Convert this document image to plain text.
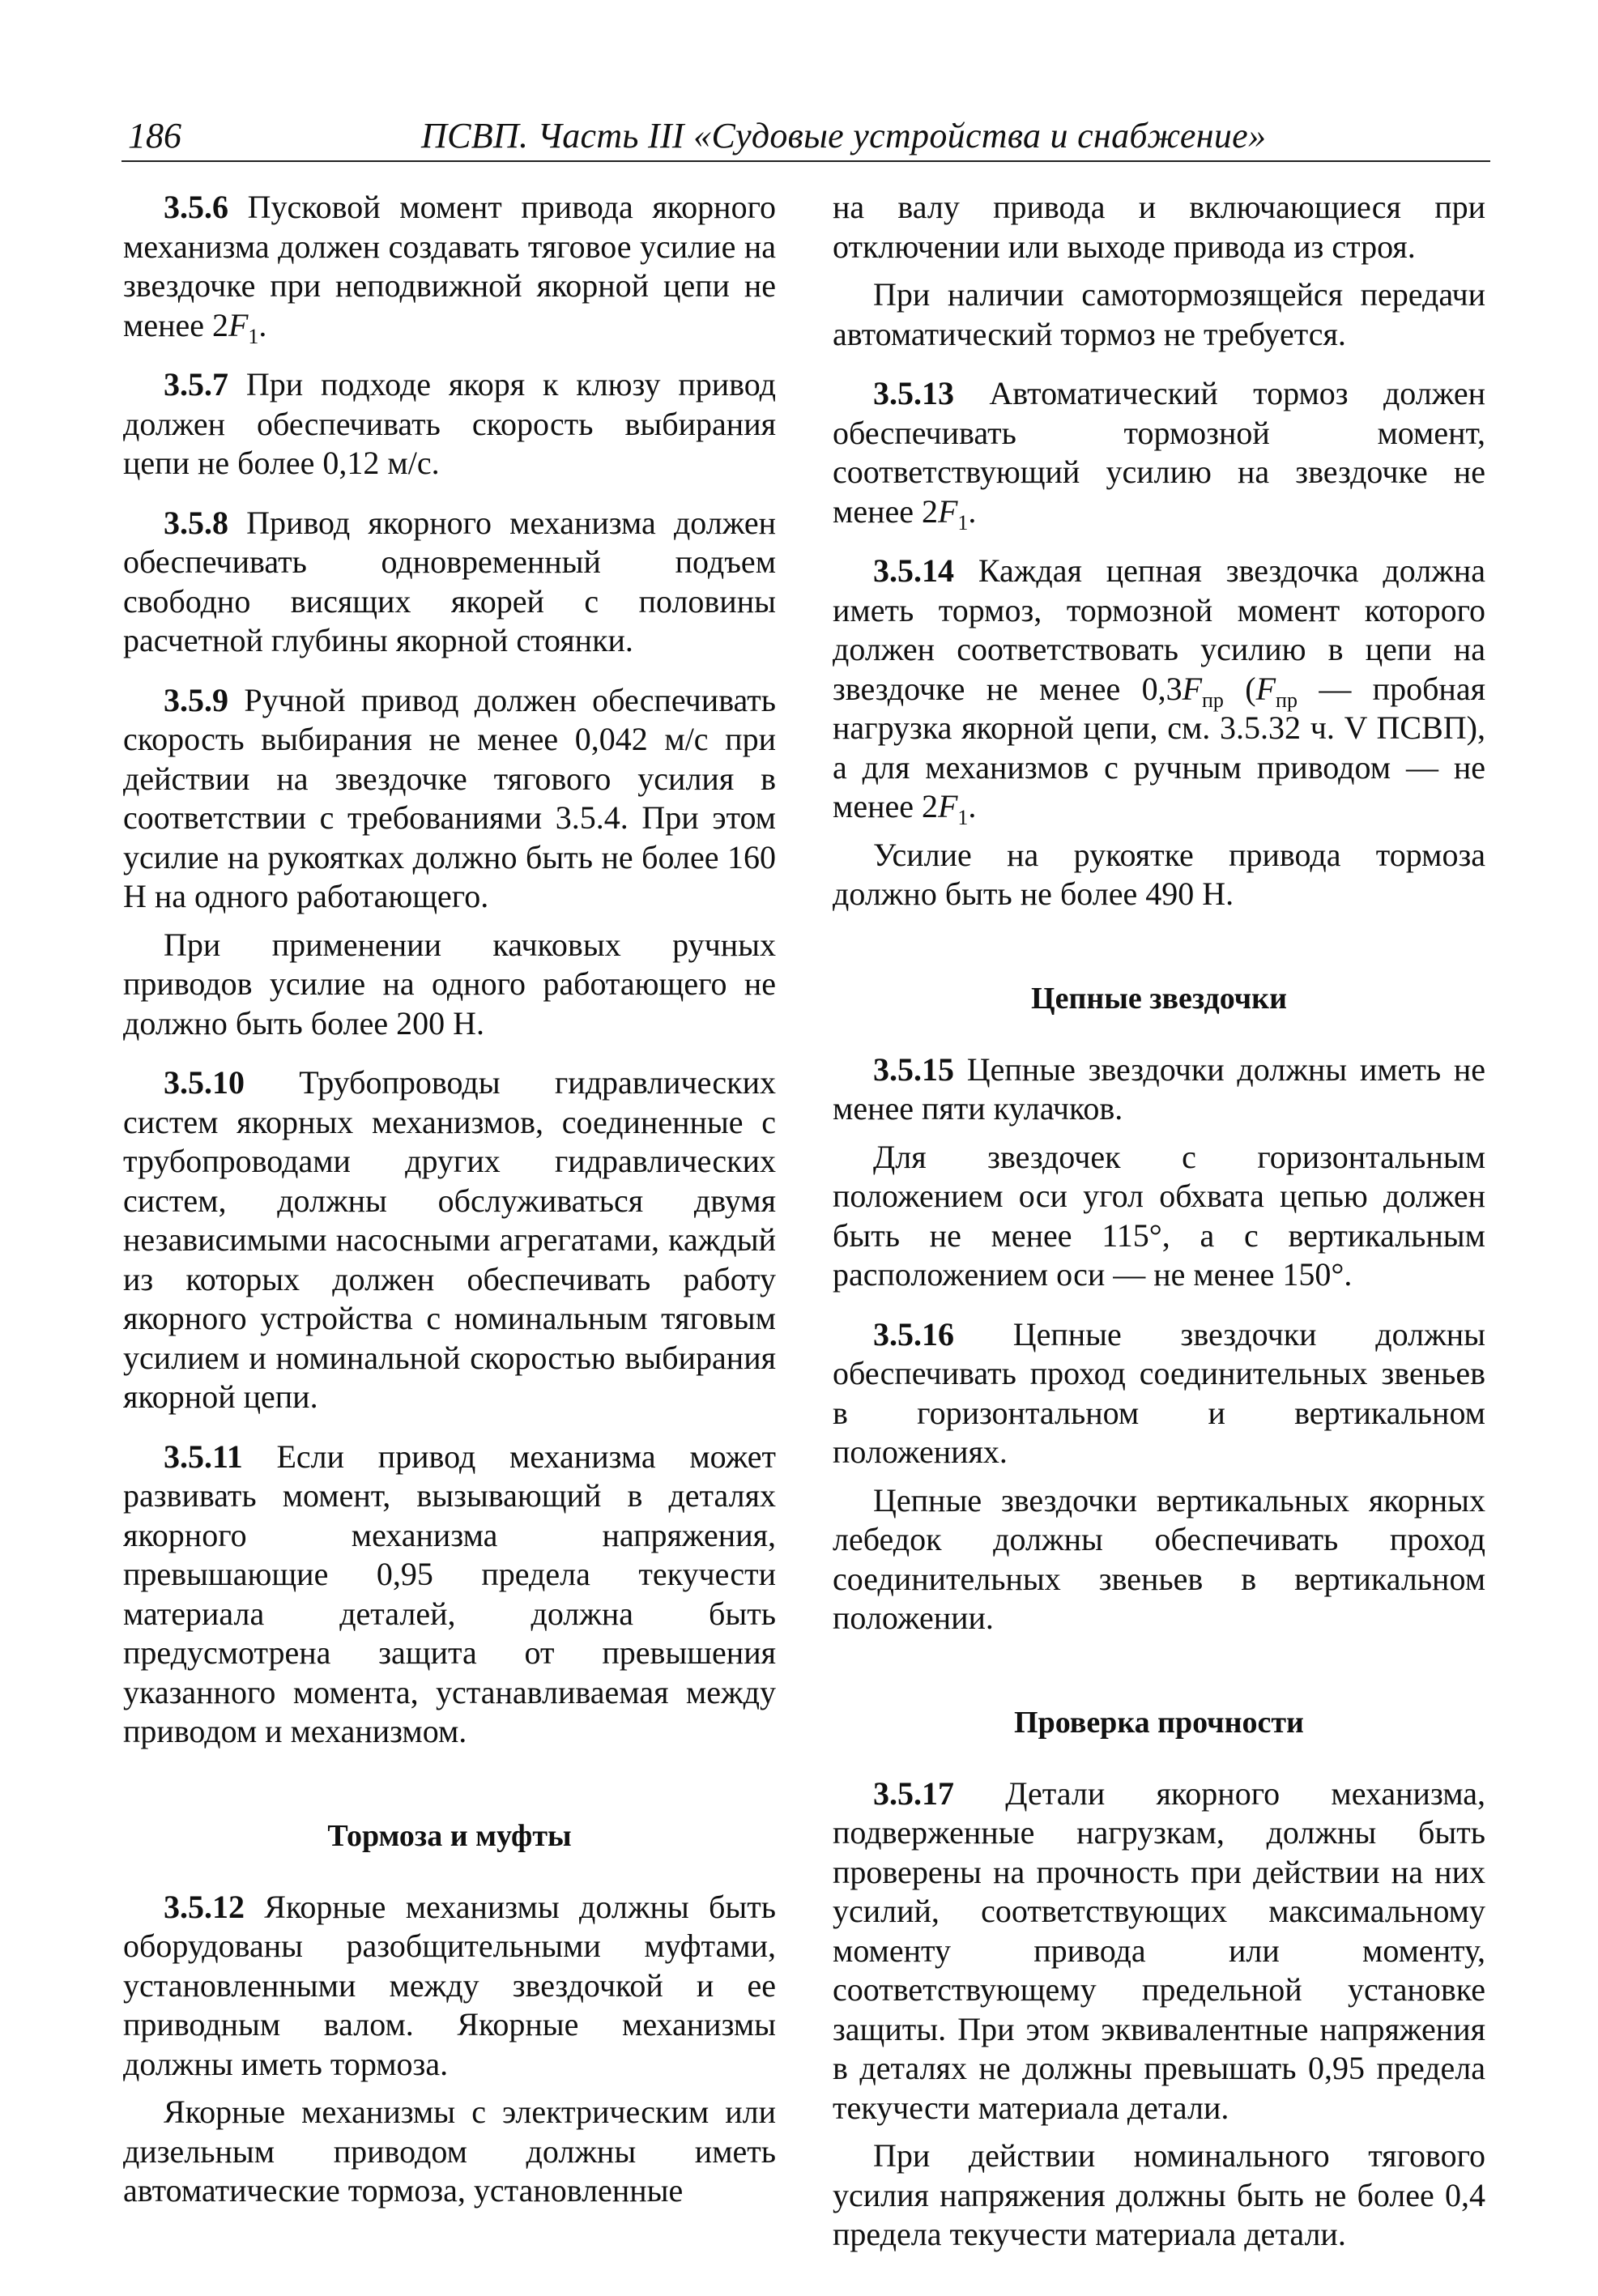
186	ПСВП. Часть III «Судовые устройства и снабжение»

3.5.6 Пусковой момент привода якорного механизма должен создавать тяговое усилие на звездочке при неподвижной якорной цепи не менее $2F_1$.

3.5.7 При подходе якоря к клюзу привод должен обеспечивать скорость выбирания цепи не более 0,12 м/с.

3.5.8 Привод якорного механизма должен обеспечивать одновременный подъем свободно висящих якорей с половины расчетной глубины якорной стоянки.

3.5.9 Ручной привод должен обеспечивать скорость выбирания не менее 0,042 м/с при действии на звездочке тягового усилия в соответствии с требованиями 3.5.4. При этом усилие на рукоятках должно быть не более 160 Н на одного работающего.

При применении качковых ручных приводов усилие на одного работающего не должно быть более 200 Н.

3.5.10 Трубопроводы гидравлических систем якорных механизмов, соединенные с трубопроводами других гидравлических систем, должны обслуживаться двумя независимыми насосными агрегатами, каждый из которых должен обеспечивать работу якорного устройства с номинальным тяговым усилием и номинальной скоростью выбирания якорной цепи.

3.5.11 Если привод механизма может развивать момент, вызывающий в деталях якорного механизма напряжения, превышающие 0,95 предела текучести материала деталей, должна быть предусмотрена защита от превышения указанного момента, устанавливаемая между приводом и механизмом.

Тормоза и муфты

3.5.12 Якорные механизмы должны быть оборудованы разобщительными муфтами, установленными между звездочкой и ее приводным валом. Якорные механизмы должны иметь тормоза.

Якорные механизмы с электрическим или дизельным приводом должны иметь автоматические тормоза, установленные

на валу привода и включающиеся при отключении или выходе привода из строя.

При наличии самотормозящейся передачи автоматический тормоз не требуется.

3.5.13 Автоматический тормоз должен обеспечивать тормозной момент, соответствующий усилию на звездочке не менее $2F_1$.

3.5.14 Каждая цепная звездочка должна иметь тормоз, тормозной момент которого должен соответствовать усилию в цепи на звездочке не менее $0,3F_{пр}$ ($F_{пр}$ — пробная нагрузка якорной цепи, см. 3.5.32 ч. V ПСВП), а для механизмов с ручным приводом — не менее $2F_1$.

Усилие на рукоятке привода тормоза должно быть не более 490 Н.

Цепные звездочки

3.5.15 Цепные звездочки должны иметь не менее пяти кулачков.

Для звездочек с горизонтальным положением оси угол обхвата цепью должен быть не менее 115°, а с вертикальным расположением оси — не менее 150°.

3.5.16 Цепные звездочки должны обеспечивать проход соединительных звеньев в горизонтальном и вертикальном положениях.

Цепные звездочки вертикальных якорных лебедок должны обеспечивать проход соединительных звеньев в вертикальном положении.

Проверка прочности

3.5.17 Детали якорного механизма, подверженные нагрузкам, должны быть проверены на прочность при действии на них усилий, соответствующих максимальному моменту привода или моменту, соответствующему предельной установке защиты. При этом эквивалентные напряжения в деталях не должны превышать 0,95 предела текучести материала детали.

При действии номинального тягового усилия напряжения должны быть не более 0,4 предела текучести материала детали.
